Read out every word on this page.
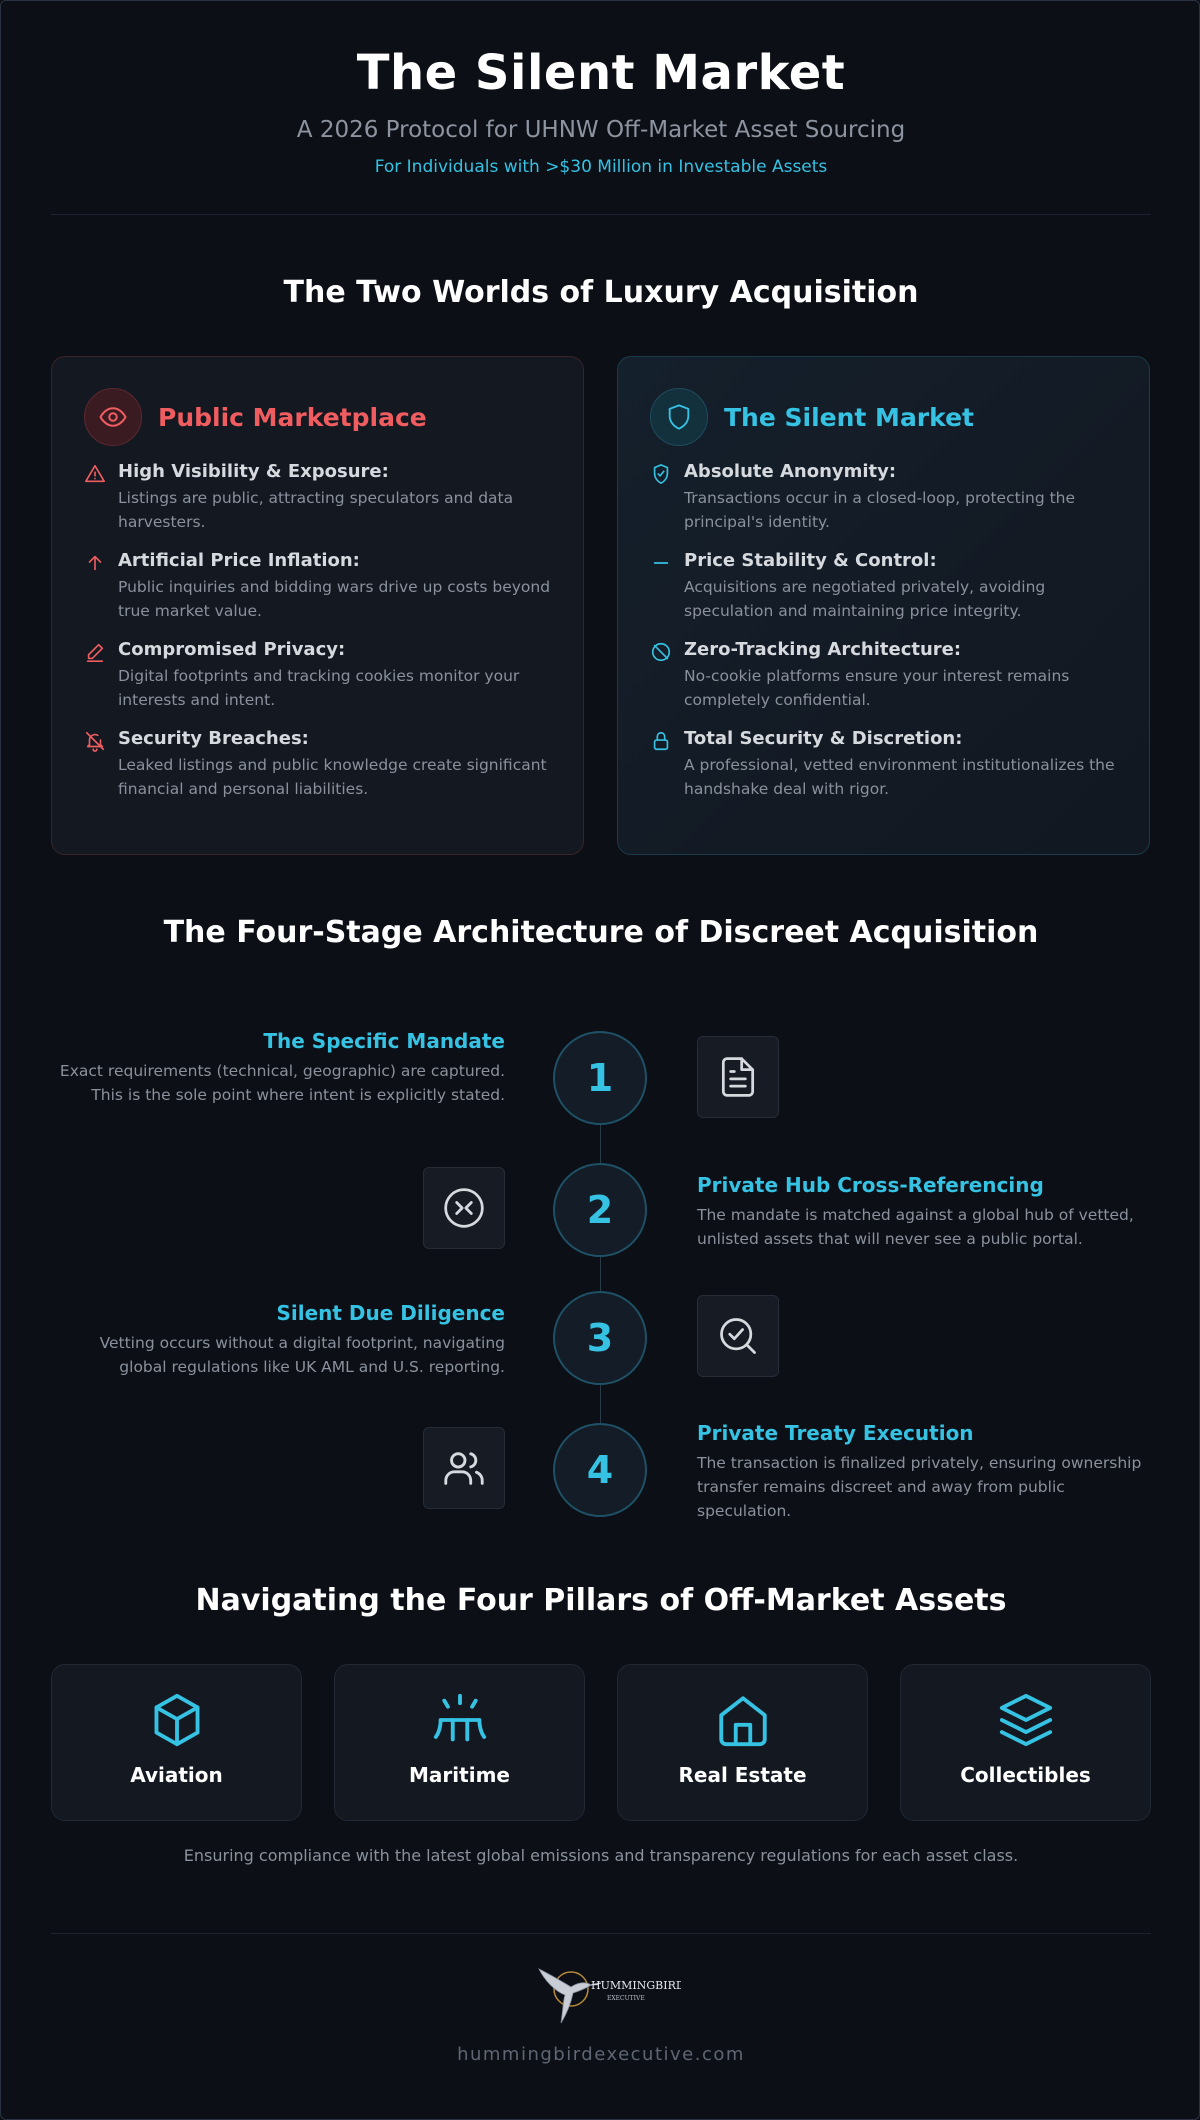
The Silent Market
A 2026 Protocol for UHNW Off-Market Asset Sourcing
For Individuals with >$30 Million in Investable Assets
The Two Worlds of Luxury Acquisition
Public Marketplace
High Visibility & Exposure:
Listings are public, attracting speculators and data harvesters.
Artificial Price Inflation:
Public inquiries and bidding wars drive up costs beyond true market value.
Compromised Privacy:
Digital footprints and tracking cookies monitor your interests and intent.
Security Breaches:
Leaked listings and public knowledge create significant financial and personal liabilities.
The Silent Market
Absolute Anonymity:
Transactions occur in a closed-loop, protecting the principal's identity.
Price Stability & Control:
Acquisitions are negotiated privately, avoiding speculation and maintaining price integrity.
Zero-Tracking Architecture:
No-cookie platforms ensure your interest remains completely confidential.
Total Security & Discretion:
A professional, vetted environment institutionalizes the handshake deal with rigor.
The Four-Stage Architecture of Discreet Acquisition
The Specific Mandate
Exact requirements (technical, geographic) are captured. This is the sole point where intent is explicitly stated.	1
2
Private Hub Cross-Referencing
The mandate is matched against a global hub of vetted, unlisted assets that will never see a public portal.
Silent Due Diligence
Vetting occurs without a digital footprint, navigating global regulations like UK AML and U.S. reporting.
3
4
Private Treaty Execution
The transaction is finalized privately, ensuring ownership transfer remains discreet and away from public speculation.
Navigating the Four Pillars of Off-Market Assets
Aviation	Maritime	Real Estate	Collectibles
Ensuring compliance with the latest global emissions and transparency regulations for each asset class.
HUMMINGBIRD
EXECUTIVE
hummingbirdexecutive.com
